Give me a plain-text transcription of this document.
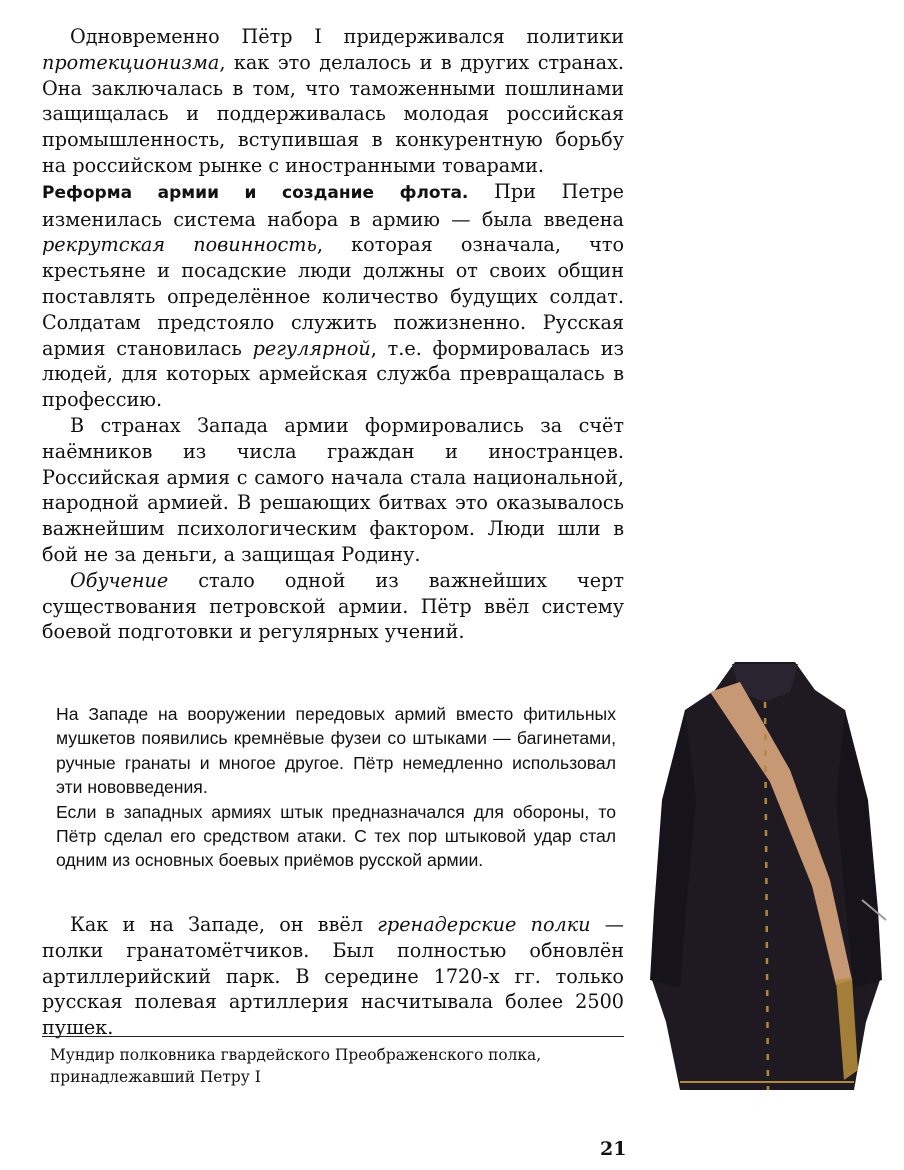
Одновременно Пётр I придерживался политики протекционизма, как это делалось и в других странах. Она заключалась в том, что таможенными пошлинами защищалась и поддерживалась молодая российская промышленность, вступившая в конкурентную борьбу на российском рынке с иностранными товарами.

Реформа армии и создание флота. При Петре изменилась система набора в армию — была введена рекрутская повинность, которая означала, что крестьяне и посадские люди должны от своих общин поставлять определённое количество будущих солдат. Солдатам предстояло служить пожизненно. Русская армия становилась регулярной, т.е. формировалась из людей, для которых армейская служба превращалась в профессию.

В странах Запада армии формировались за счёт наёмников из числа граждан и иностранцев. Российская армия с самого начала стала национальной, народной армией. В решающих битвах это оказывалось важнейшим психологическим фактором. Люди шли в бой не за деньги, а защищая Родину.

Обучение стало одной из важнейших черт существования петровской армии. Пётр ввёл систему боевой подготовки и регулярных учений.

На Западе на вооружении передовых армий вместо фитильных мушкетов появились кремнёвые фузеи со штыками — багинетами, ручные гранаты и многое другое. Пётр немедленно использовал эти нововведения.

Если в западных армиях штык предназначался для обороны, то Пётр сделал его средством атаки. С тех пор штыковой удар стал одним из основных боевых приёмов русской армии.

Как и на Западе, он ввёл гренадерские полки — полки гранатомётчиков. Был полностью обновлён артиллерийский парк. В середине 1720-х гг. только русская полевая артиллерия насчитывала более 2500 пушек.

Мундир полковника гвардейского Преображенского полка, принадлежавший Петру I
21
